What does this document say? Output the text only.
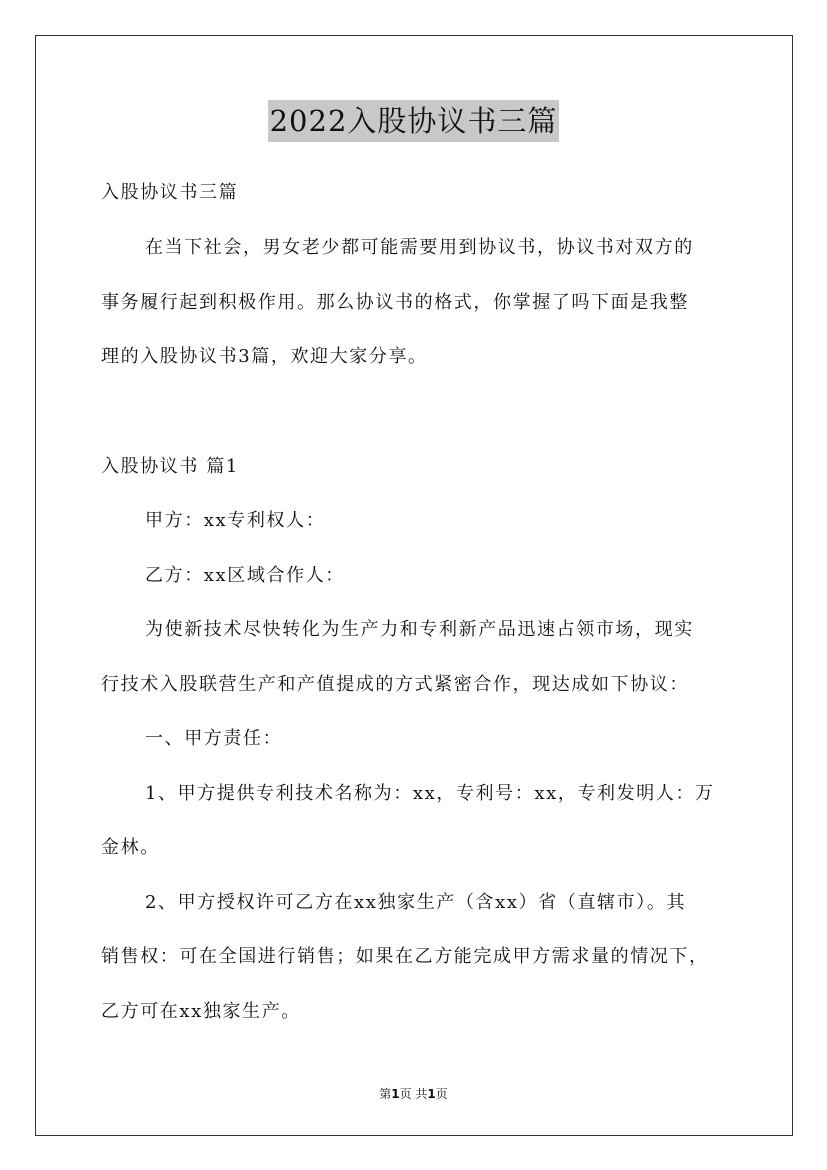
2022入股协议书三篇
入股协议书三篇
在当下社会，男女老少都可能需要用到协议书，协议书对双方的
事务履行起到积极作用。那么协议书的格式，你掌握了吗下面是我整
理的入股协议书3篇，欢迎大家分享。
入股协议书 篇1
甲方：xx专利权人：
乙方：xx区域合作人：
为使新技术尽快转化为生产力和专利新产品迅速占领市场，现实
行技术入股联营生产和产值提成的方式紧密合作，现达成如下协议：
一、甲方责任：
1、甲方提供专利技术名称为：xx，专利号：xx，专利发明人：万
金林。
2、甲方授权许可乙方在xx独家生产（含xx）省（直辖市）。其
销售权：可在全国进行销售；如果在乙方能完成甲方需求量的情况下，
乙方可在xx独家生产。
第1页 共1页
